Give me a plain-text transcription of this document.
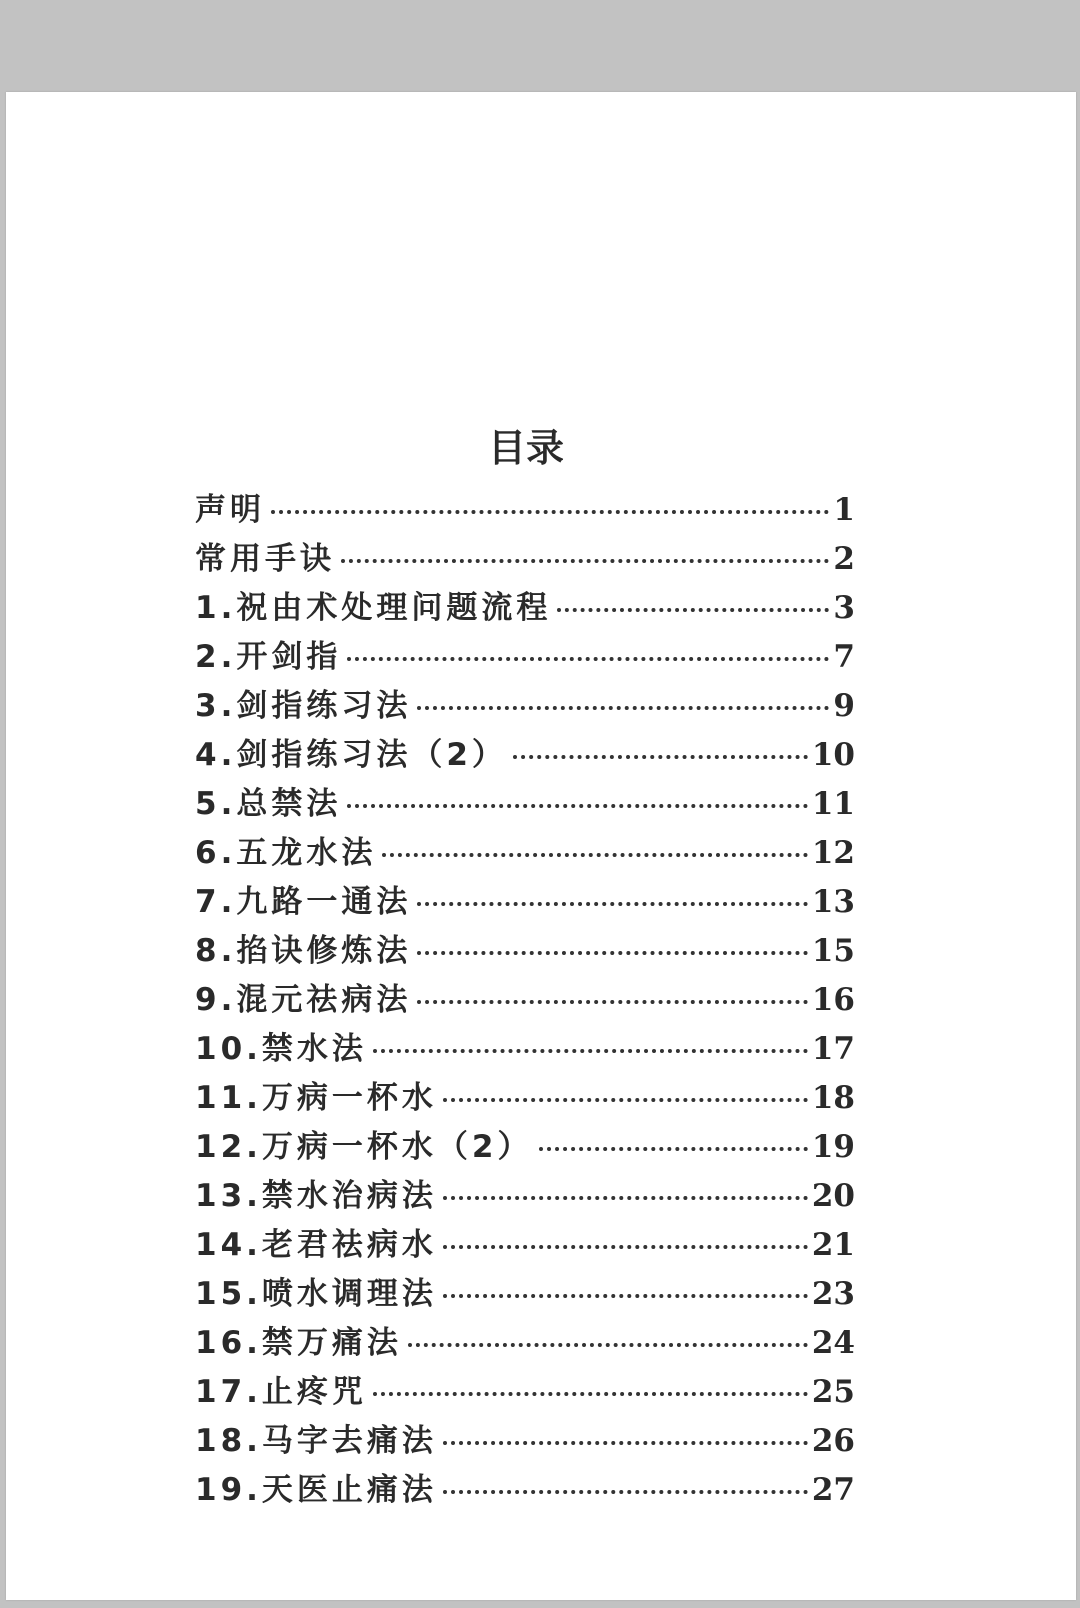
目录
声明	1
常用手诀	2
1.祝由术处理问题流程	3
2.开剑指	7
3.剑指练习法	9
4.剑指练习法（2）	10
5.总禁法	11
6.五龙水法	12
7.九路一通法	13
8.掐诀修炼法	15
9.混元祛病法	16
10.禁水法	17
11.万病一杯水	18
12.万病一杯水（2）	19
13.禁水治病法	20
14.老君祛病水	21
15.喷水调理法	23
16.禁万痛法	24
17.止疼咒	25
18.马字去痛法	26
19.天医止痛法	27
